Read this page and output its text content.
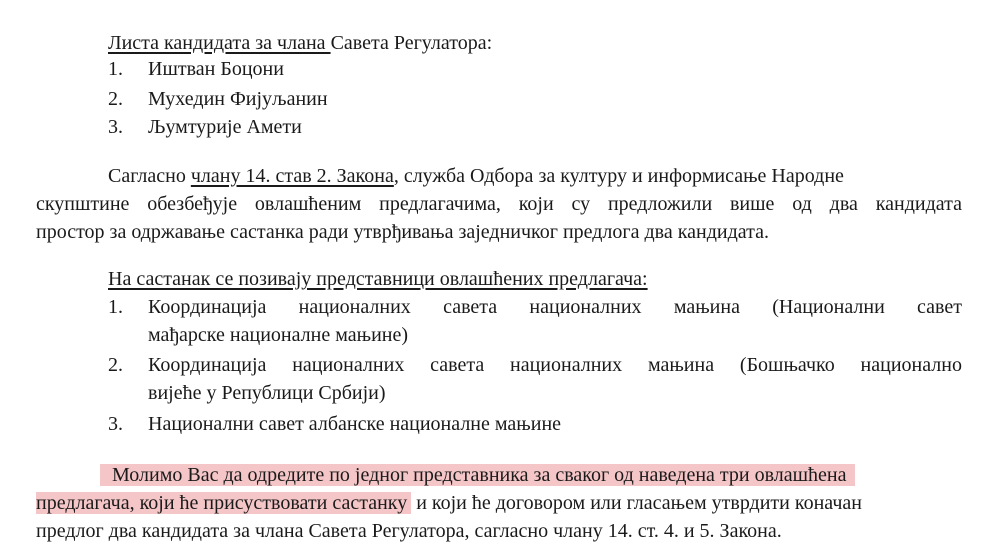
Листа кандидата за члана Савета Регулатора:
1. Иштван Боцони
2. Мухедин Фијуљанин
3. Љумтурије Амети
Сагласно члану 14. став 2. Закона, служба Одбора за културу и информисање Народне
скупштине обезбеђује овлашћеним предлагачима, који су предложили више од два кандидата
простор за одржавање састанка ради утврђивања заједничког предлога два кандидата.
На састанак се позивају представници овлашћених предлагача:
1. Координација националних савета националних мањина (Национални савет
мађарске националне мањине)
2. Координација националних савета националних мањина (Бошњачко национално
вијеће у Републици Србији)
3. Национални савет албанске националне мањине
Молимо Вас да одредите по једног представника за сваког од наведена три овлашћена
предлагача, који ће присуствовати састанку и који ће договором или гласањем утврдити коначан
предлог два кандидата за члана Савета Регулатора, сагласно члану 14. ст. 4. и 5. Закона.
